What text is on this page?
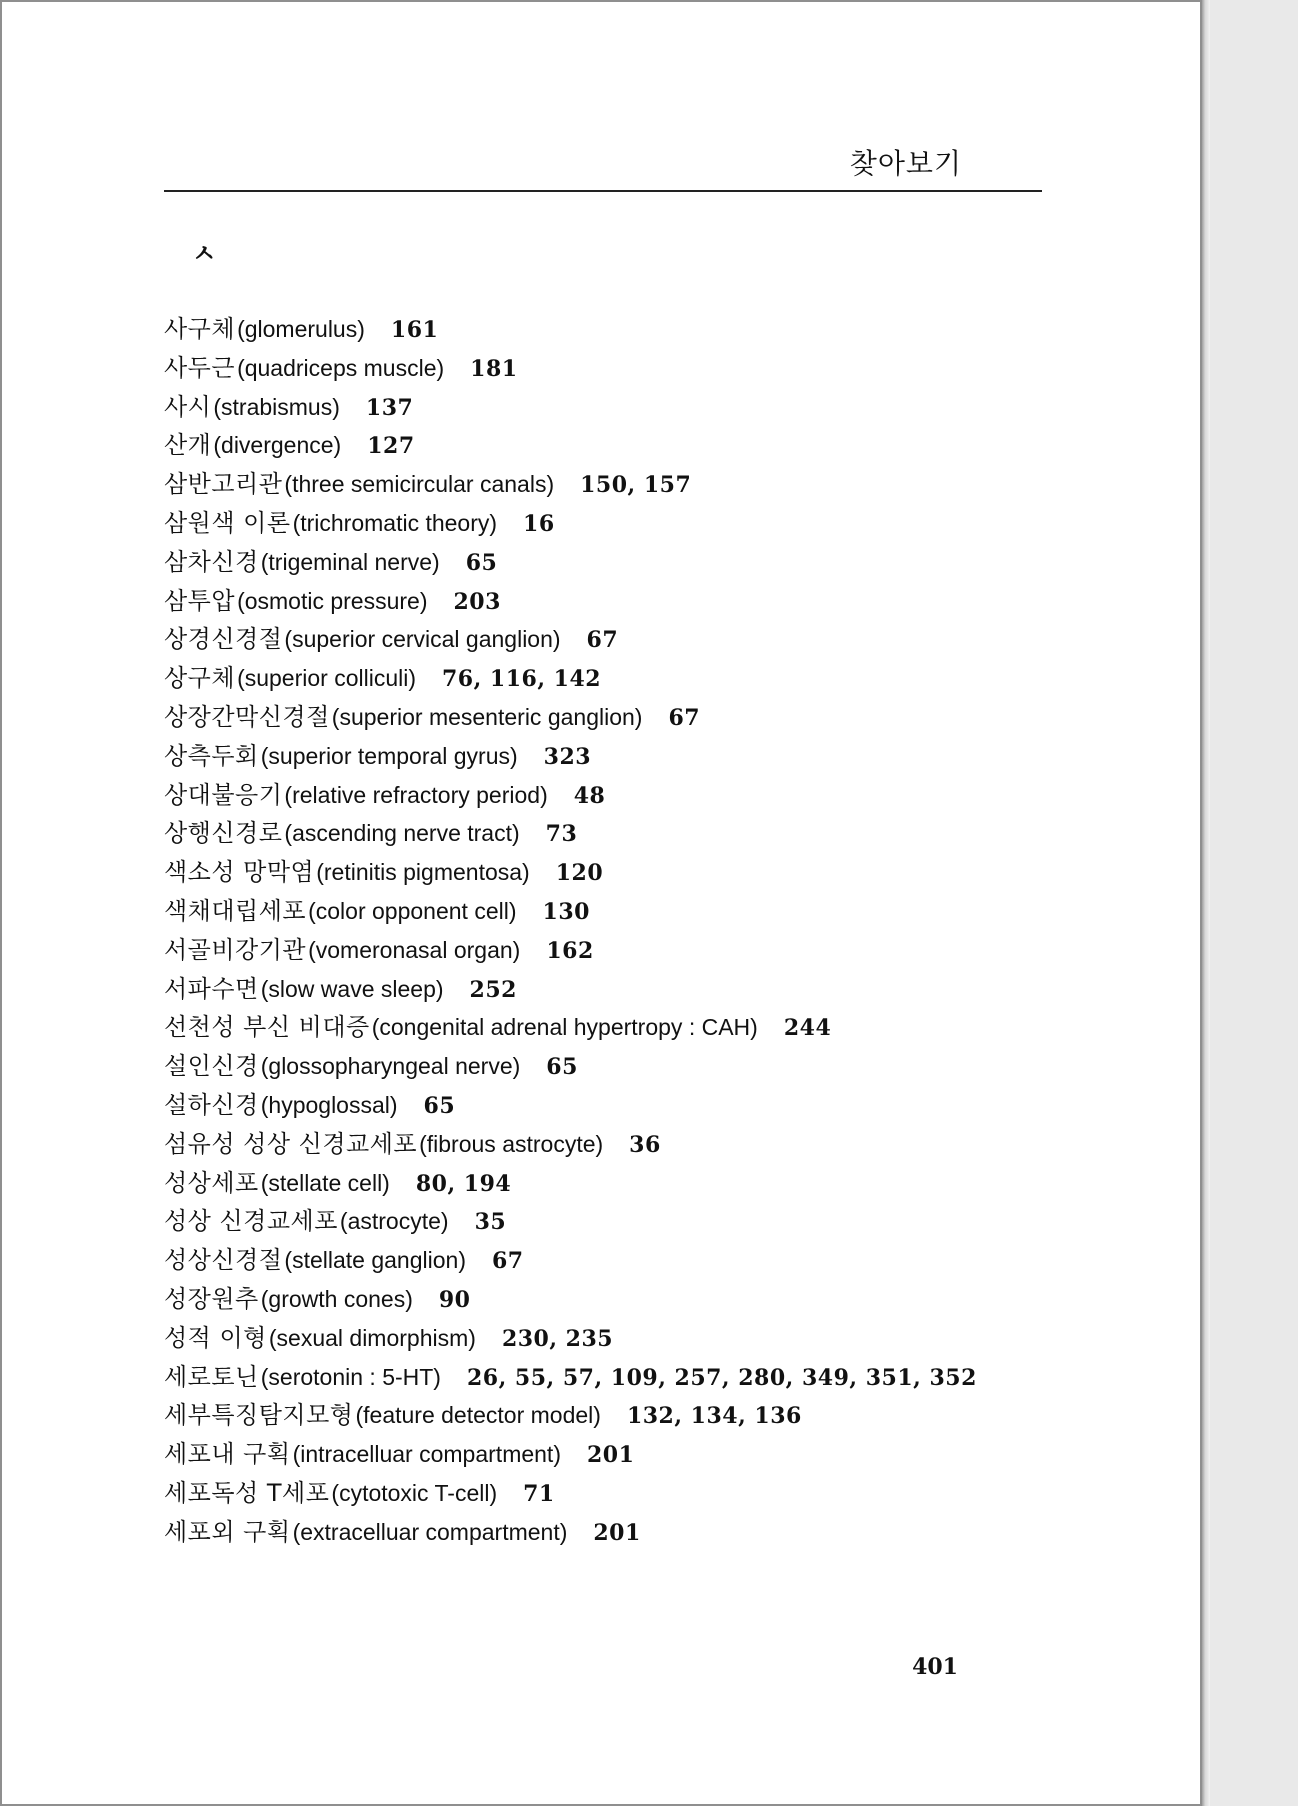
찾아보기
ㅅ
사구체(glomerulus) 161
사두근(quadriceps muscle) 181
사시(strabismus) 137
산개(divergence) 127
삼반고리관(three semicircular canals) 150, 157
삼원색 이론(trichromatic theory) 16
삼차신경(trigeminal nerve) 65
삼투압(osmotic pressure) 203
상경신경절(superior cervical ganglion) 67
상구체(superior colliculi) 76, 116, 142
상장간막신경절(superior mesenteric ganglion) 67
상측두회(superior temporal gyrus) 323
상대불응기(relative refractory period) 48
상행신경로(ascending nerve tract) 73
색소성 망막염(retinitis pigmentosa) 120
색채대립세포(color opponent cell) 130
서골비강기관(vomeronasal organ) 162
서파수면(slow wave sleep) 252
선천성 부신 비대증(congenital adrenal hypertropy : CAH) 244
설인신경(glossopharyngeal nerve) 65
설하신경(hypoglossal) 65
섬유성 성상 신경교세포(fibrous astrocyte) 36
성상세포(stellate cell) 80, 194
성상 신경교세포(astrocyte) 35
성상신경절(stellate ganglion) 67
성장원추(growth cones) 90
성적 이형(sexual dimorphism) 230, 235
세로토닌(serotonin : 5-HT) 26, 55, 57, 109, 257, 280, 349, 351, 352
세부특징탐지모형(feature detector model) 132, 134, 136
세포내 구획(intracelluar compartment) 201
세포독성 T세포(cytotoxic T-cell) 71
세포외 구획(extracelluar compartment) 201
401
